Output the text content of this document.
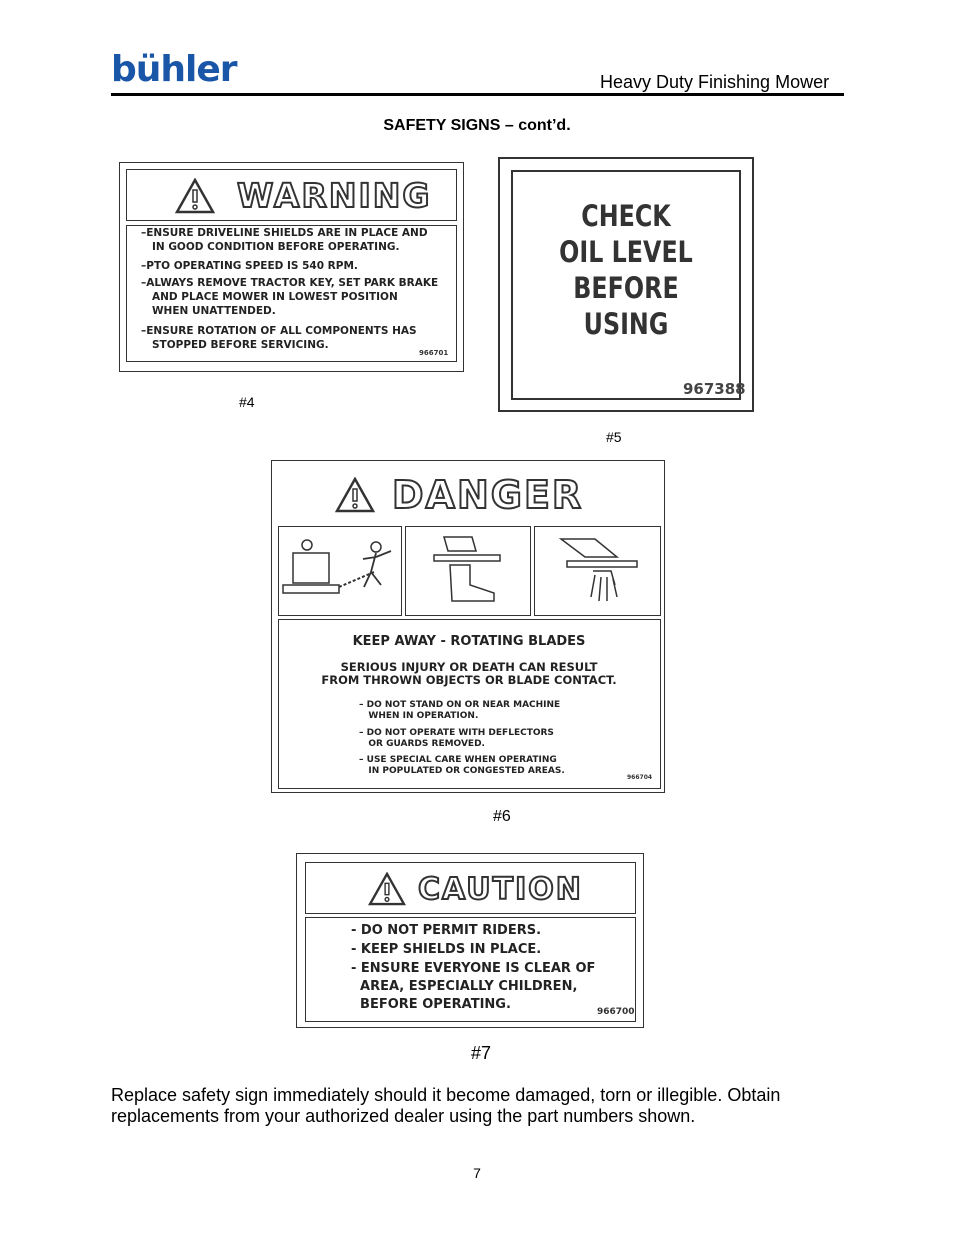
bühler	Heavy Duty Finishing Mower
SAFETY SIGNS – cont’d.
WARNING
–ENSURE DRIVELINE SHIELDS ARE IN PLACE AND
IN GOOD CONDITION BEFORE OPERATING.
–PTO OPERATING SPEED IS 540 RPM.
–ALWAYS REMOVE TRACTOR KEY, SET PARK BRAKE
AND PLACE MOWER IN LOWEST POSITION
WHEN UNATTENDED.
–ENSURE ROTATION OF ALL COMPONENTS HAS
STOPPED BEFORE SERVICING.
966701
#4
CHECK
OIL LEVEL
BEFORE
USING
967388
#5
DANGER
KEEP AWAY - ROTATING BLADES
SERIOUS INJURY OR DEATH CAN RESULT
FROM THROWN OBJECTS OR BLADE CONTACT.
– DO NOT STAND ON OR NEAR MACHINE
WHEN IN OPERATION.
– DO NOT OPERATE WITH DEFLECTORS
OR GUARDS REMOVED.
– USE SPECIAL CARE WHEN OPERATING
IN POPULATED OR CONGESTED AREAS.
966704
#6
CAUTION
- DO NOT PERMIT RIDERS.
- KEEP SHIELDS IN PLACE.
- ENSURE EVERYONE IS CLEAR OF
AREA, ESPECIALLY CHILDREN,
BEFORE OPERATING.	966700
#7
Replace safety sign immediately should it become damaged, torn or illegible. Obtain replacements from your authorized dealer using the part numbers shown.
7
